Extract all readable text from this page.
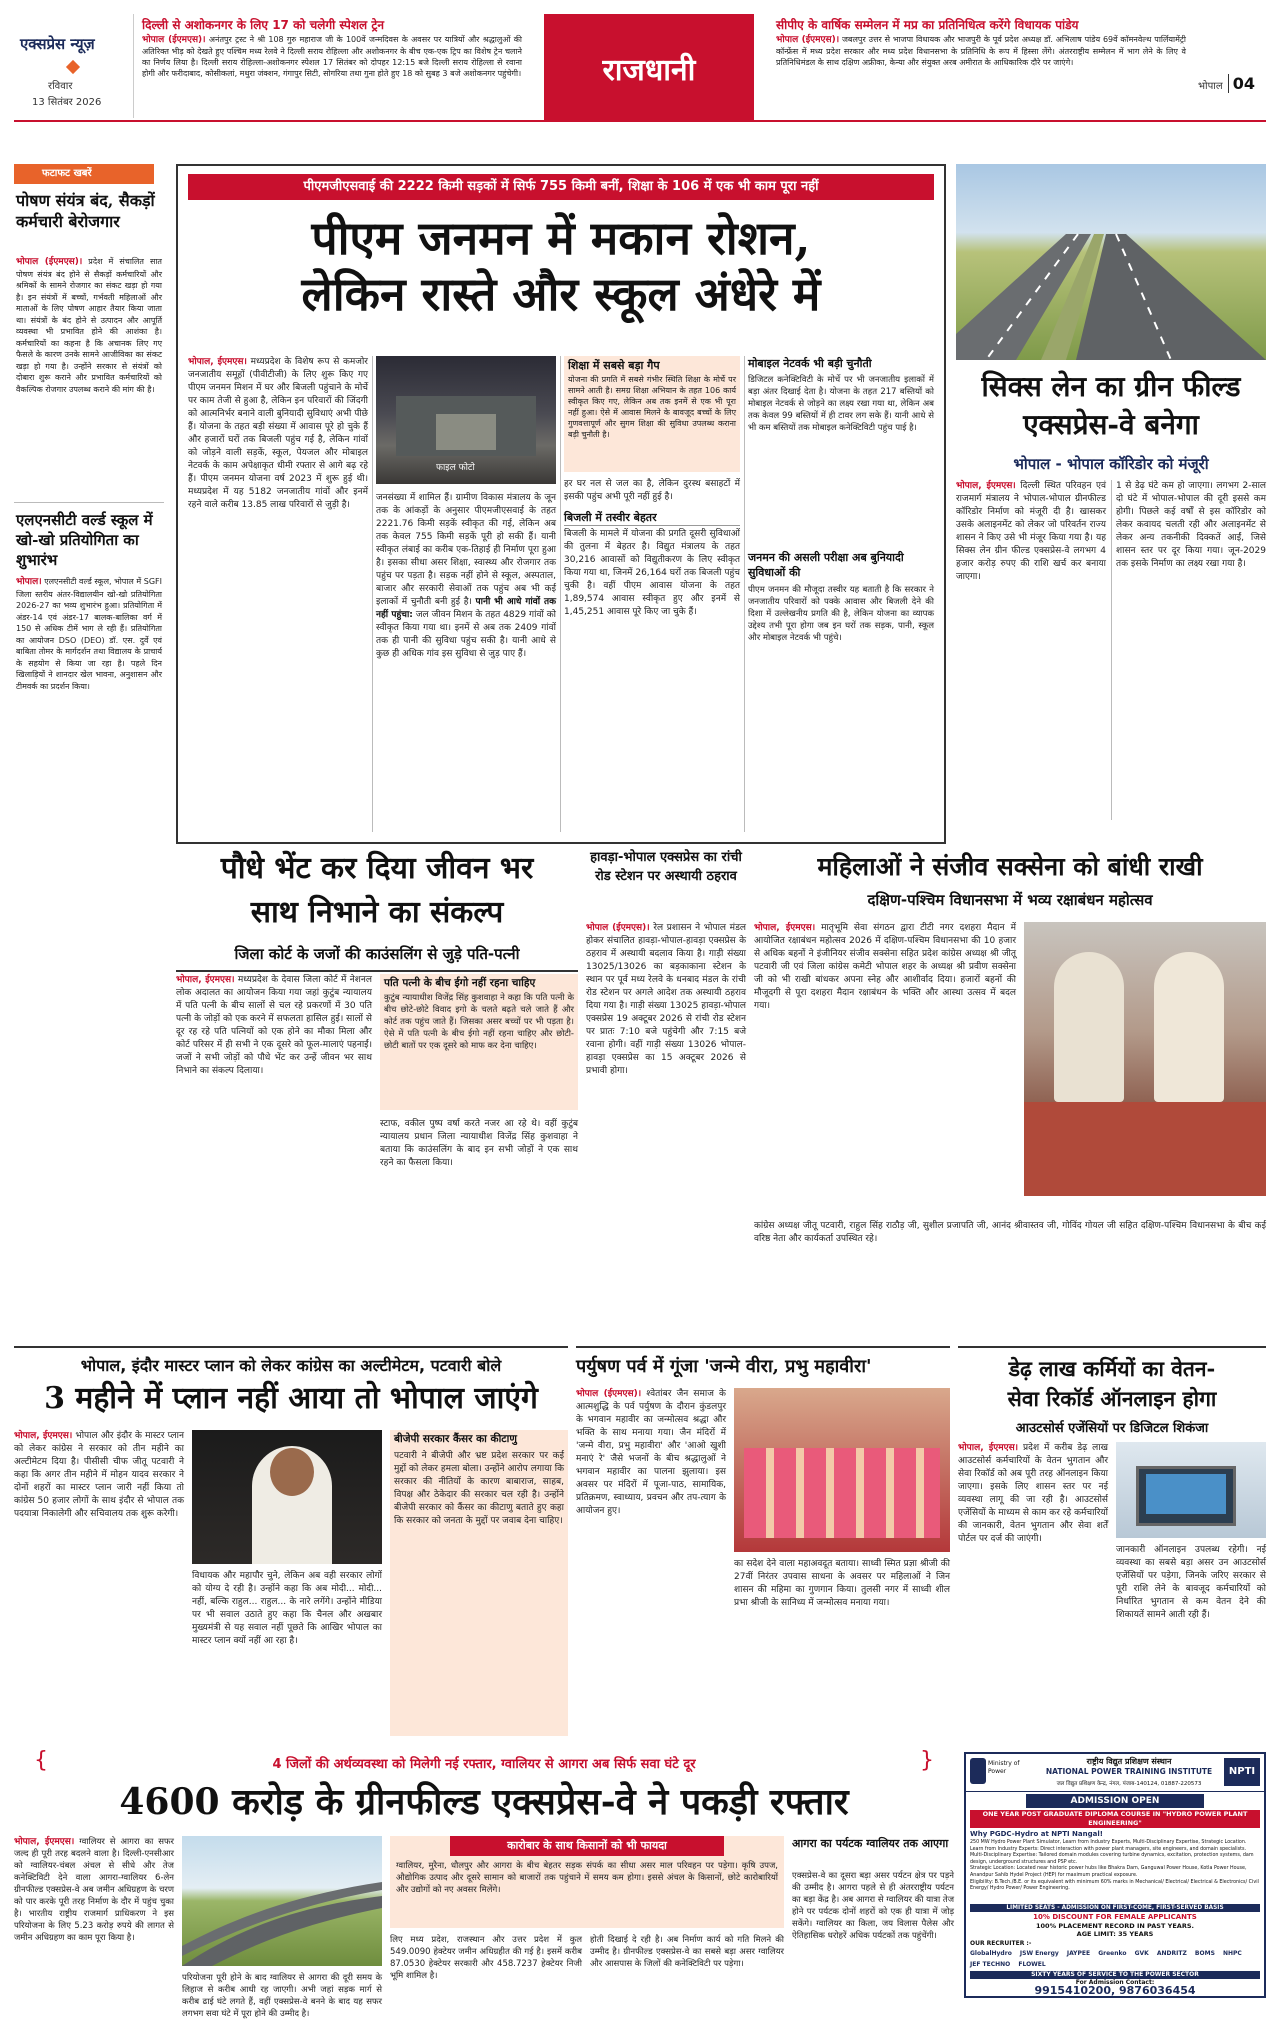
एक्सप्रेस न्यूज़
रविवार
13 सितंबर 2026
दिल्ली से अशोकनगर के लिए 17 को चलेगी स्पेशल ट्रेन
भोपाल (ईएमएस)। अनंतपुर ट्रस्ट ने श्री 108 गुरु महाराज जी के 100वें जन्मदिवस के अवसर पर यात्रियों और श्रद्धालुओं की अतिरिक्त भीड़ को देखते हुए पश्चिम मध्य रेलवे ने दिल्ली सराय रोहिल्ला और अशोकनगर के बीच एक-एक ट्रिप का विशेष ट्रेन चलाने का निर्णय लिया है। दिल्ली सराय रोहिल्ला-अशोकनगर स्पेशल 17 सितंबर को दोपहर 12:15 बजे दिल्ली सराय रोहिल्ला से रवाना होगी और फरीदाबाद, कोसीकलां, मथुरा जंक्शन, गंगापुर सिटी, सोगरिया तथा गुना होते हुए 18 को सुबह 3 बजे अशोकनगर पहुंचेगी।	राजधानी
सीपीए के वार्षिक सम्मेलन में मप्र का प्रतिनिधित्व करेंगे विधायक पांडेय
भोपाल (ईएमएस)। जबलपुर उत्तर से भाजपा विधायक और भाजपुरी के पूर्व प्रदेश अध्यक्ष डॉ. अभिलाष पांडेय 69वें कॉमनवेल्थ पार्लियामेंट्री कॉन्फ्रेंस में मध्य प्रदेश सरकार और मध्य प्रदेश विधानसभा के प्रतिनिधि के रूप में हिस्सा लेंगे। अंतरराष्ट्रीय सम्मेलन में भाग लेने के लिए वे प्रतिनिधिमंडल के साथ दक्षिण अफ्रीका, केन्या और संयुक्त अरब अमीरात के आधिकारिक दौरे पर जाएंगे।
भोपाल 04
फटाफट खबरें
पोषण संयंत्र बंद, सैकड़ों कर्मचारी बेरोजगार
भोपाल (ईएमएस)। प्रदेश में संचालित सात पोषण संयंत्र बंद होने से सैकड़ों कर्मचारियों और श्रमिकों के सामने रोजगार का संकट खड़ा हो गया है। इन संयंत्रों में बच्चों, गर्भवती महिलाओं और माताओं के लिए पोषण आहार तैयार किया जाता था। संयंत्रों के बंद होने से उत्पादन और आपूर्ति व्यवस्था भी प्रभावित होने की आशंका है। कर्मचारियों का कहना है कि अचानक लिए गए फैसले के कारण उनके सामने आजीविका का संकट खड़ा हो गया है। उन्होंने सरकार से संयंत्रों को दोबारा शुरू कराने और प्रभावित कर्मचारियों को वैकल्पिक रोजगार उपलब्ध कराने की मांग की है।
एलएनसीटी वर्ल्ड स्कूल में खो-खो प्रतियोगिता का शुभारंभ
भोपाल। एलएनसीटी वर्ल्ड स्कूल, भोपाल में SGFI जिला स्तरीय अंतर-विद्यालयीन खो-खो प्रतियोगिता 2026-27 का भव्य शुभारंभ हुआ। प्रतियोगिता में अंडर-14 एवं अंडर-17 बालक-बालिका वर्ग में 150 से अधिक टीमें भाग ले रही हैं। प्रतियोगिता का आयोजन DSO (DEO) डॉ. एस. दुर्वे एवं बाबिता तोमर के मार्गदर्शन तथा विद्यालय के प्राचार्य के सहयोग से किया जा रहा है। पहले दिन खिलाड़ियों ने शानदार खेल भावना, अनुशासन और टीमवर्क का प्रदर्शन किया।
पीएमजीएसवाई की 2222 किमी सड़कों में सिर्फ 755 किमी बनीं, शिक्षा के 106 में एक भी काम पूरा नहीं
पीएम जनमन में मकान रोशन,
लेकिन रास्ते और स्कूल अंधेरे में
भोपाल, ईएमएस। मध्यप्रदेश के विशेष रूप से कमजोर जनजातीय समूहों (पीवीटीजी) के लिए शुरू किए गए पीएम जनमन मिशन में घर और बिजली पहुंचाने के मोर्चे पर काम तेजी से हुआ है, लेकिन इन परिवारों की जिंदगी को आत्मनिर्भर बनाने वाली बुनियादी सुविधाएं अभी पीछे हैं। योजना के तहत बड़ी संख्या में आवास पूरे हो चुके हैं और हजारों घरों तक बिजली पहुंच गई है, लेकिन गांवों को जोड़ने वाली सड़कें, स्कूल, पेयजल और मोबाइल नेटवर्क के काम अपेक्षाकृत धीमी रफ्तार से आगे बढ़ रहे हैं। पीएम जनमन योजना वर्ष 2023 में शुरू हुई थी। मध्यप्रदेश में यह 5182 जनजातीय गांवों और इनमें रहने वाले करीब 13.85 लाख परिवारों से जुड़ी है।
फाइल फोटो
जनसंख्या में शामिल हैं। ग्रामीण विकास मंत्रालय के जून तक के आंकड़ों के अनुसार पीएमजीएसवाई के तहत 2221.76 किमी सड़कें स्वीकृत की गई, लेकिन अब तक केवल 755 किमी सड़कें पूरी हो सकी हैं। यानी स्वीकृत लंबाई का करीब एक-तिहाई ही निर्माण पूरा हुआ है। इसका सीधा असर शिक्षा, स्वास्थ्य और रोजगार तक पहुंच पर पड़ता है। सड़क नहीं होने से स्कूल, अस्पताल, बाजार और सरकारी सेवाओं तक पहुंच अब भी कई इलाकों में चुनौती बनी हुई है। पानी भी आधे गांवों तक नहीं पहुंचा: जल जीवन मिशन के तहत 4829 गांवों को स्वीकृत किया गया था। इनमें से अब तक 2409 गांवों तक ही पानी की सुविधा पहुंच सकी है। यानी आधे से कुछ ही अधिक गांव इस सुविधा से जुड़ पाए हैं।
शिक्षा में सबसे बड़ा गैप
योजना की प्रगति में सबसे गंभीर स्थिति शिक्षा के मोर्चे पर सामने आती है। समग्र शिक्षा अभियान के तहत 106 कार्य स्वीकृत किए गए, लेकिन अब तक इनमें से एक भी पूरा नहीं हुआ। ऐसे में आवास मिलने के बावजूद बच्चों के लिए गुणवत्तापूर्ण और सुगम शिक्षा की सुविधा उपलब्ध कराना बड़ी चुनौती है।
हर घर नल से जल का है, लेकिन दुरस्थ बसाहटों में इसकी पहुंच अभी पूरी नहीं हुई है।
बिजली में तस्वीर बेहतर
बिजली के मामले में योजना की प्रगति दूसरी सुविधाओं की तुलना में बेहतर है। विद्युत मंत्रालय के तहत 30,216 आवासों को विद्युतीकरण के लिए स्वीकृत किया गया था, जिनमें 26,164 घरों तक बिजली पहुंच चुकी है। वहीं पीएम आवास योजना के तहत 1,89,574 आवास स्वीकृत हुए और इनमें से 1,45,251 आवास पूरे किए जा चुके हैं।
मोबाइल नेटवर्क भी बड़ी चुनौती
डिजिटल कनेक्टिविटी के मोर्चे पर भी जनजातीय इलाकों में बड़ा अंतर दिखाई देता है। योजना के तहत 217 बस्तियों को मोबाइल नेटवर्क से जोड़ने का लक्ष्य रखा गया था, लेकिन अब तक केवल 99 बस्तियों में ही टावर लग सके हैं। यानी आधे से भी कम बस्तियों तक मोबाइल कनेक्टिविटी पहुंच पाई है।
जनमन की असली परीक्षा अब बुनियादी सुविधाओं की
पीएम जनमन की मौजूदा तस्वीर यह बताती है कि सरकार ने जनजातीय परिवारों को पक्के आवास और बिजली देने की दिशा में उल्लेखनीय प्रगति की है, लेकिन योजना का व्यापक उद्देश्य तभी पूरा होगा जब इन घरों तक सड़क, पानी, स्कूल और मोबाइल नेटवर्क भी पहुंचे।
सिक्स लेन का ग्रीन फील्ड
एक्सप्रेस-वे बनेगा
भोपाल - भोपाल कॉरिडोर को मंजूरी
भोपाल, ईएमएस। दिल्ली स्थित परिवहन एवं राजमार्ग मंत्रालय ने भोपाल-भोपाल ग्रीनफील्ड कॉरिडोर निर्माण को मंजूरी दी है। खासकर उसके अलाइनमेंट को लेकर जो परिवर्तन राज्य शासन ने किए उसे भी मंजूर किया गया है। यह सिक्स लेन ग्रीन फील्ड एक्सप्रेस-वे लगभग 4 हजार करोड़ रुपए की राशि खर्च कर बनाया जाएगा।
1 से डेढ़ घंटे कम हो जाएगा। लगभग 2-साल दो घंटे में भोपाल-भोपाल की दूरी इससे कम होगी। पिछले कई वर्षों से इस कॉरिडोर को लेकर कवायद चलती रही और अलाइनमेंट से लेकर अन्य तकनीकी दिक्कतें आईं, जिसे शासन स्तर पर दूर किया गया। जून-2029 तक इसके निर्माण का लक्ष्य रखा गया है।
पौधे भेंट कर दिया जीवन भर
साथ निभाने का संकल्प
जिला कोर्ट के जजों की काउंसलिंग से जुड़े पति-पत्नी
भोपाल, ईएमएस। मध्यप्रदेश के देवास जिला कोर्ट में नेशनल लोक अदालत का आयोजन किया गया जहां कुटुंब न्यायालय में पति पत्नी के बीच सालों से चल रहे प्रकरणों में 30 पति पत्नी के जोड़ों को एक करने में सफलता हासिल हुई। सालों से दूर रह रहे पति पत्नियों को एक होने का मौका मिला और कोर्ट परिसर में ही सभी ने एक दूसरे को फूल-मालाएं पहनाईं। जजों ने सभी जोड़ों को पौधे भेंट कर उन्हें जीवन भर साथ निभाने का संकल्प दिलाया।
पति पत्नी के बीच ईगो नहीं रहना चाहिए
कुटुंब न्यायाधीश विजेंद्र सिंह कुशवाहा ने कहा कि पति पत्नी के बीच छोटे-छोटे विवाद इगो के चलते बढ़ते चले जाते हैं और कोर्ट तक पहुंच जाते हैं। जिसका असर बच्चों पर भी पड़ता है। ऐसे में पति पत्नी के बीच ईगो नहीं रहना चाहिए और छोटी-छोटी बातों पर एक दूसरे को माफ कर देना चाहिए।
स्टाफ, वकील पुष्प वर्षा करते नजर आ रहे थे। वहीं कुटुंब न्यायालय प्रधान जिला न्यायाधीश विजेंद्र सिंह कुशवाहा ने बताया कि काउंसलिंग के बाद इन सभी जोड़ों ने एक साथ रहने का फैसला किया।
हावड़ा-भोपाल एक्सप्रेस का रांची रोड स्टेशन पर अस्थायी ठहराव
भोपाल (ईएमएस)। रेल प्रशासन ने भोपाल मंडल होकर संचालित हावड़ा-भोपाल-हावड़ा एक्सप्रेस के ठहराव में अस्थायी बदलाव किया है। गाड़ी संख्या 13025/13026 का बड़काकाना स्टेशन के स्थान पर पूर्व मध्य रेलवे के धनबाद मंडल के रांची रोड स्टेशन पर अगले आदेश तक अस्थायी ठहराव दिया गया है। गाड़ी संख्या 13025 हावड़ा-भोपाल एक्सप्रेस 19 अक्टूबर 2026 से रांची रोड स्टेशन पर प्रातः 7:10 बजे पहुंचेगी और 7:15 बजे रवाना होगी। वहीं गाड़ी संख्या 13026 भोपाल-हावड़ा एक्सप्रेस का 15 अक्टूबर 2026 से प्रभावी होगा।
महिलाओं ने संजीव सक्सेना को बांधी राखी
दक्षिण-पश्चिम विधानसभा में भव्य रक्षाबंधन महोत्सव
भोपाल, ईएमएस। मातृभूमि सेवा संगठन द्वारा टीटी नगर दशहरा मैदान में आयोजित रक्षाबंधन महोत्सव 2026 में दक्षिण-पश्चिम विधानसभा की 10 हजार से अधिक बहनों ने इंजीनियर संजीव सक्सेना सहित प्रदेश कांग्रेस अध्यक्ष श्री जीतू पटवारी जी एवं जिला कांग्रेस कमेटी भोपाल शहर के अध्यक्ष श्री प्रवीण सक्सेना जी को भी राखी बांधकर अपना स्नेह और आशीर्वाद दिया। हजारों बहनों की मौजूदगी से पूरा दशहरा मैदान रक्षाबंधन के भक्ति और आस्था उत्सव में बदल गया।
कांग्रेस अध्यक्ष जीतू पटवारी, राहुल सिंह राठौड़ जी, सुशील प्रजापति जी, आनंद श्रीवास्तव जी, गोविंद गोयल जी सहित दक्षिण-पश्चिम विधानसभा के बीच कई वरिष्ठ नेता और कार्यकर्ता उपस्थित रहे।
भोपाल, इंदौर मास्टर प्लान को लेकर कांग्रेस का अल्टीमेटम, पटवारी बोले
3 महीने में प्लान नहीं आया तो भोपाल जाएंगे
भोपाल, ईएमएस। भोपाल और इंदौर के मास्टर प्लान को लेकर कांग्रेस ने सरकार को तीन महीने का अल्टीमेटम दिया है। पीसीसी चीफ जीतू पटवारी ने कहा कि अगर तीन महीने में मोहन यादव सरकार ने दोनों शहरों का मास्टर प्लान जारी नहीं किया तो कांग्रेस 50 हजार लोगों के साथ इंदौर से भोपाल तक पदयात्रा निकालेगी और सचिवालय तक शुरू करेगी।
विधायक और महापौर चुने, लेकिन अब वही सरकार लोगों को योग्य दे रही है। उन्होंने कहा कि अब मोदी... मोदी... नहीं, बल्कि राहुल... राहुल... के नारे लगेंगे। उन्होंने मीडिया पर भी सवाल उठाते हुए कहा कि चैनल और अखबार मुख्यमंत्री से यह सवाल नहीं पूछते कि आखिर भोपाल का मास्टर प्लान क्यों नहीं आ रहा है।
बीजेपी सरकार कैंसर का कीटाणु
पटवारी ने बीजेपी और भ्रष्ट प्रदेश सरकार पर कई मुद्दों को लेकर हमला बोला। उन्होंने आरोप लगाया कि सरकार की नीतियों के कारण बाबाराज, साहब, विपक्ष और ठेकेदार की सरकार चल रही है। उन्होंने बीजेपी सरकार को कैंसर का कीटाणु बताते हुए कहा कि सरकार को जनता के मुद्दों पर जवाब देना चाहिए।
पर्युषण पर्व में गूंजा 'जन्मे वीरा, प्रभु महावीरा'
भोपाल (ईएमएस)। श्वेतांबर जैन समाज के आत्मशुद्धि के पर्व पर्युषण के दौरान कुंडलपुर के भगवान महावीर का जन्मोत्सव श्रद्धा और भक्ति के साथ मनाया गया। जैन मंदिरों में 'जन्मे वीरा, प्रभु महावीरा' और 'आओ खुशी मनाएं रे' जैसे भजनों के बीच श्रद्धालुओं ने भगवान महावीर का पालना झुलाया। इस अवसर पर मंदिरों में पूजा-पाठ, सामायिक, प्रतिक्रमण, स्वाध्याय, प्रवचन और तप-त्याग के आयोजन हुए।
का सदेश देने वाला महाअवदूत बताया। साध्वी स्मित प्रज्ञा श्रीजी की 27वीं निरंतर उपवास साधना के अवसर पर महिलाओं ने जिन शासन की महिमा का गुणगान किया। तुलसी नगर में साध्वी शील प्रभा श्रीजी के सानिध्य में जन्मोत्सव मनाया गया।
डेढ़ लाख कर्मियों का वेतन-
सेवा रिकॉर्ड ऑनलाइन होगा
आउटसोर्स एजेंसियों पर डिजिटल शिकंजा
भोपाल, ईएमएस। प्रदेश में करीब डेढ़ लाख आउटसोर्स कर्मचारियों के वेतन भुगतान और सेवा रिकॉर्ड को अब पूरी तरह ऑनलाइन किया जाएगा। इसके लिए शासन स्तर पर नई व्यवस्था लागू की जा रही है। आउटसोर्स एजेंसियों के माध्यम से काम कर रहे कर्मचारियों की जानकारी, वेतन भुगतान और सेवा शर्तें पोर्टल पर दर्ज की जाएंगी।
जानकारी ऑनलाइन उपलब्ध रहेगी। नई व्यवस्था का सबसे बड़ा असर उन आउटसोर्स एजेंसियों पर पड़ेगा, जिनके जरिए सरकार से पूरी राशि लेने के बावजूद कर्मचारियों को निर्धारित भुगतान से कम वेतन देने की शिकायतें सामने आती रही हैं।
{	4 जिलों की अर्थव्यवस्था को मिलेगी नई रफ्तार, ग्वालियर से आगरा अब सिर्फ सवा घंटे दूर	}
4600 करोड़ के ग्रीनफील्ड एक्सप्रेस-वे ने पकड़ी रफ्तार
भोपाल, ईएमएस। ग्वालियर से आगरा का सफर जल्द ही पूरी तरह बदलने वाला है। दिल्ली-एनसीआर को ग्वालियर-चंबल अंचल से सीधे और तेज कनेक्टिविटी देने वाला आगरा-ग्वालियर 6-लेन ग्रीनफील्ड एक्सप्रेस-वे अब जमीन अधिग्रहण के चरण को पार करके पूरी तरह निर्माण के दौर में पहुंच चुका है। भारतीय राष्ट्रीय राजमार्ग प्राधिकरण ने इस परियोजना के लिए 5.23 करोड़ रुपये की लागत से जमीन अधिग्रहण का काम पूरा किया है।
कारोबार के साथ किसानों को भी फायदा
ग्वालियर, मुरैना, धौलपुर और आगरा के बीच बेहतर सड़क संपर्क का सीधा असर माल परिवहन पर पड़ेगा। कृषि उपज, औद्योगिक उत्पाद और दूसरे सामान को बाजारों तक पहुंचाने में समय कम होगा। इससे अंचल के किसानों, छोटे कारोबारियों और उद्योगों को नए अवसर मिलेंगे।
परियोजना पूरी होने के बाद ग्वालियर से आगरा की दूरी समय के लिहाज से करीब आधी रह जाएगी। अभी जहां सड़क मार्ग से करीब ढाई घंटे लगते हैं, वहीं एक्सप्रेस-वे बनने के बाद यह सफर लगभग सवा घंटे में पूरा होने की उम्मीद है।
लिए मध्य प्रदेश, राजस्थान और उत्तर प्रदेश में कुल 549.0090 हेक्टेयर जमीन अधिग्रहीत की गई है। इसमें करीब 87.0530 हेक्टेयर सरकारी और 458.7237 हेक्टेयर निजी भूमि शामिल है।
होती दिखाई दे रही है। अब निर्माण कार्य को गति मिलने की उम्मीद है। ग्रीनफील्ड एक्सप्रेस-वे का सबसे बड़ा असर ग्वालियर और आसपास के जिलों की कनेक्टिविटी पर पड़ेगा।
आगरा का पर्यटक ग्वालियर तक आएगा
एक्सप्रेस-वे का दूसरा बड़ा असर पर्यटन क्षेत्र पर पड़ने की उम्मीद है। आगरा पहले से ही अंतरराष्ट्रीय पर्यटन का बड़ा केंद्र है। अब आगरा से ग्वालियर की यात्रा तेज होने पर पर्यटक दोनों शहरों को एक ही यात्रा में जोड़ सकेंगे। ग्वालियर का किला, जय विलास पैलेस और ऐतिहासिक धरोहरें अधिक पर्यटकों तक पहुंचेंगी।
Ministry of Power
राष्ट्रीय विद्युत प्रशिक्षण संस्थान
NATIONAL POWER TRAINING INSTITUTE
जल विद्युत प्रशिक्षण केन्द्र, नंगल, पंजाब-140124, 01887-220573
NPTI
ADMISSION OPEN
ONE YEAR POST GRADUATE DIPLOMA COURSE IN "HYDRO POWER PLANT ENGINEERING"
Why PGDC-Hydro at NPTI Nangal!
250 MW Hydro Power Plant Simulator, Learn from Industry Experts, Multi-Disciplinary Expertise, Strategic Location.
Learn from Industry Experts: Direct interaction with power plant managers, site engineers, and domain specialists.
Multi-Disciplinary Expertise: Tailored domain modules covering turbine dynamics, excitation, protection systems, dam design, underground structures and PSP etc.
Strategic Location: Located near historic power hubs like Bhakra Dam, Ganguwal Power House, Kotla Power House, Anandpur Sahib Hydel Project (HEP) for maximum practical exposure.
Eligibility: B.Tech./B.E. or its equivalent with minimum 60% marks in Mechanical/ Electrical/ Electrical & Electronics/ Civil Energy/ Hydro Power/ Power Engineering.
LIMITED SEATS - ADMISSION ON FIRST-COME, FIRST-SERVED BASIS
10% DISCOUNT FOR FEMALE APPLICANTS
100% PLACEMENT RECORD IN PAST YEARS.
AGE LIMIT: 35 YEARS
OUR RECRUITER :-
GlobalHydro JSW Energy JAYPEE Greenko GVK ANDRITZ BOMS NHPC JEF TECHNO FLOWEL
SIXTY YEARS OF SERVICE TO THE POWER SECTOR
For Admission Contact:
9915410200, 9876036454
